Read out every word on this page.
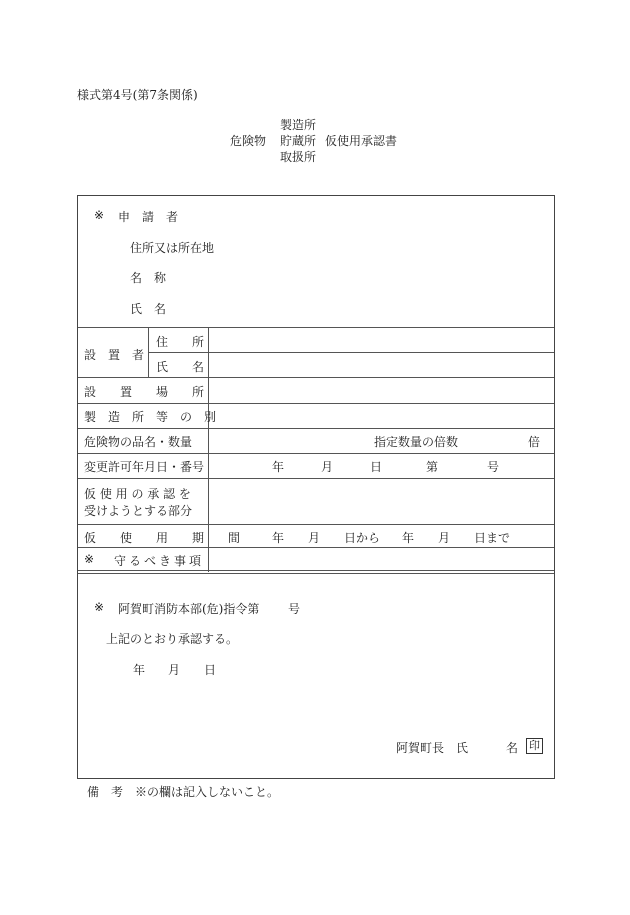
様式第4号(第7条関係)
製造所
危険物 貯蔵所 仮使用承認書
取扱所
※ 申　請　者
住所又は所在地
名　称
氏　名
設　置　者
住　　所
氏　　名
設　　置　　場　　所
製　造　所　等　の　別
危険物の品名・数量	指定数量の倍数	倍
変更許可年月日・番号	年	月	日	第	号
仮 使 用 の 承 認 を
受けようとする部分
仮　　使　　用　　期　　間	年 月 日から 年 月 日まで
※ 守るべき事項
※ 阿賀町消防本部(危)指令第 号
上記のとおり承認する。
年 月 日
阿賀町長　氏	名 印
備　考　※の欄は記入しないこと。
